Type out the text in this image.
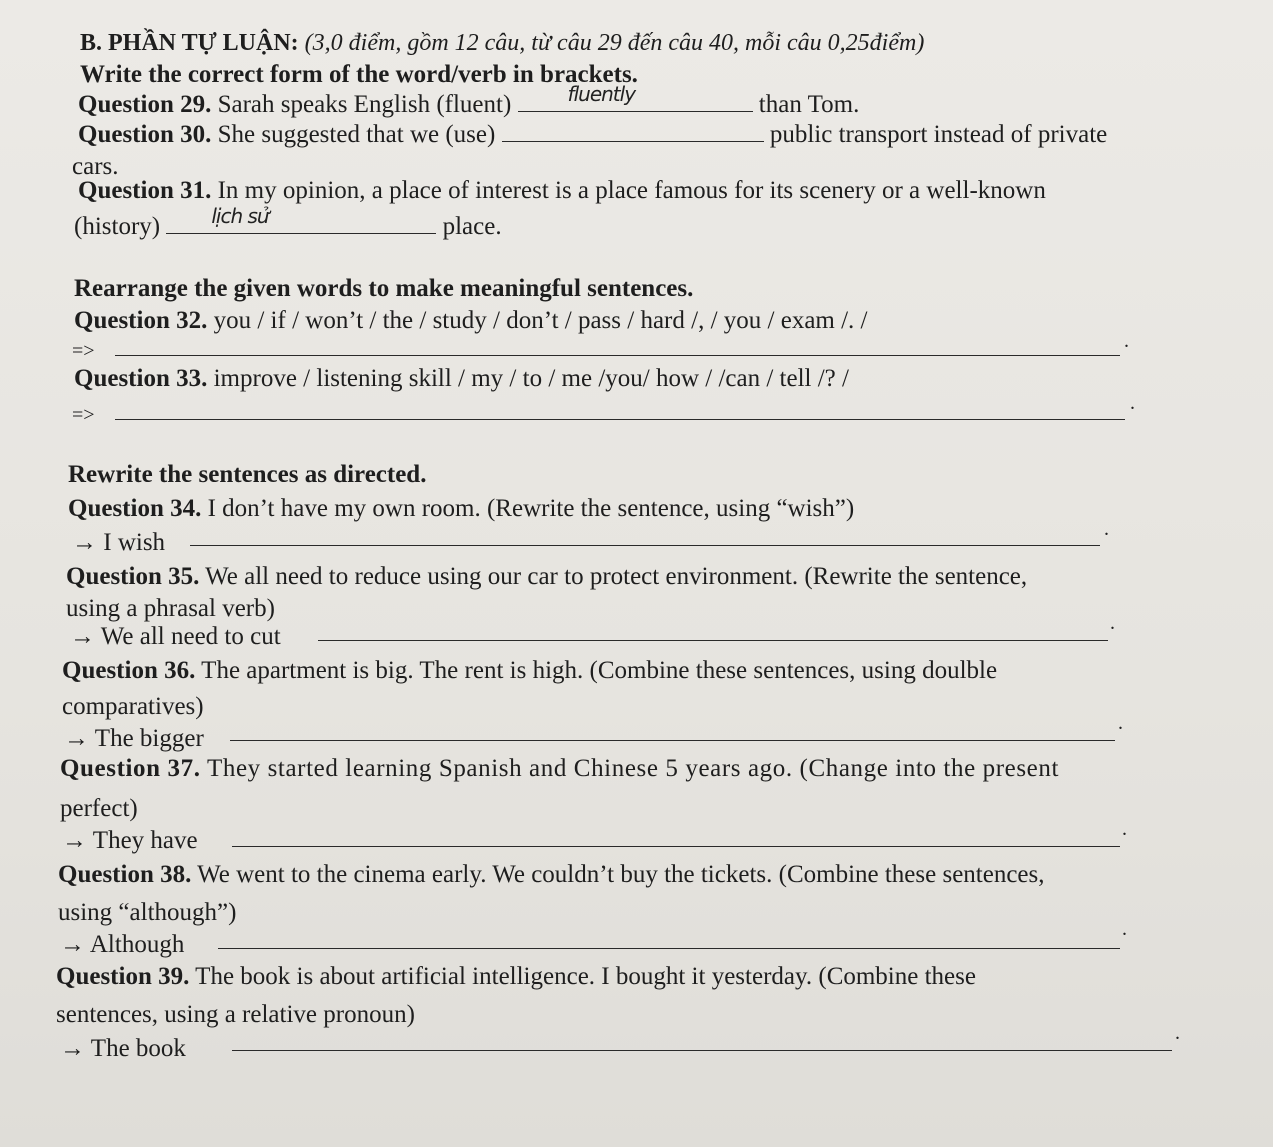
B. PHẦN TỰ LUẬN: (3,0 điểm, gồm 12 câu, từ câu 29 đến câu 40, mỗi câu 0,25điểm)
Write the correct form of the word/verb in brackets.
Question 29. Sarah speaks English (fluent)	fluently	than Tom.
Question 30. She suggested that we (use)	public transport instead of private
cars.
Question 31. In my opinion, a place of interest is a place famous for its scenery or a well-known
(history)	lịch sử	place.
Rearrange the given words to make meaningful sentences.
Question 32. you / if / won’t / the / study / don’t / pass / hard /, / you / exam /. /
=>	.
Question 33. improve / listening skill / my / to / me /you/ how / /can / tell /? /
=>
.
Rewrite the sentences as directed.
Question 34. I don’t have my own room. (Rewrite the sentence, using “wish”)
→ I wish	.
Question 35. We all need to reduce using our car to protect environment. (Rewrite the sentence,
using a phrasal verb)
→ We all need to cut	.
Question 36. The apartment is big. The rent is high. (Combine these sentences, using doulble
comparatives)
→ The bigger
.
Question 37. They started learning Spanish and Chinese 5 years ago. (Change into the present
perfect)
→ They have	.
Question 38. We went to the cinema early. We couldn’t buy the tickets. (Combine these sentences,
using “although”)
→ Although
.
Question 39. The book is about artificial intelligence. I bought it yesterday. (Combine these
sentences, using a relative pronoun)
→ The book
.
